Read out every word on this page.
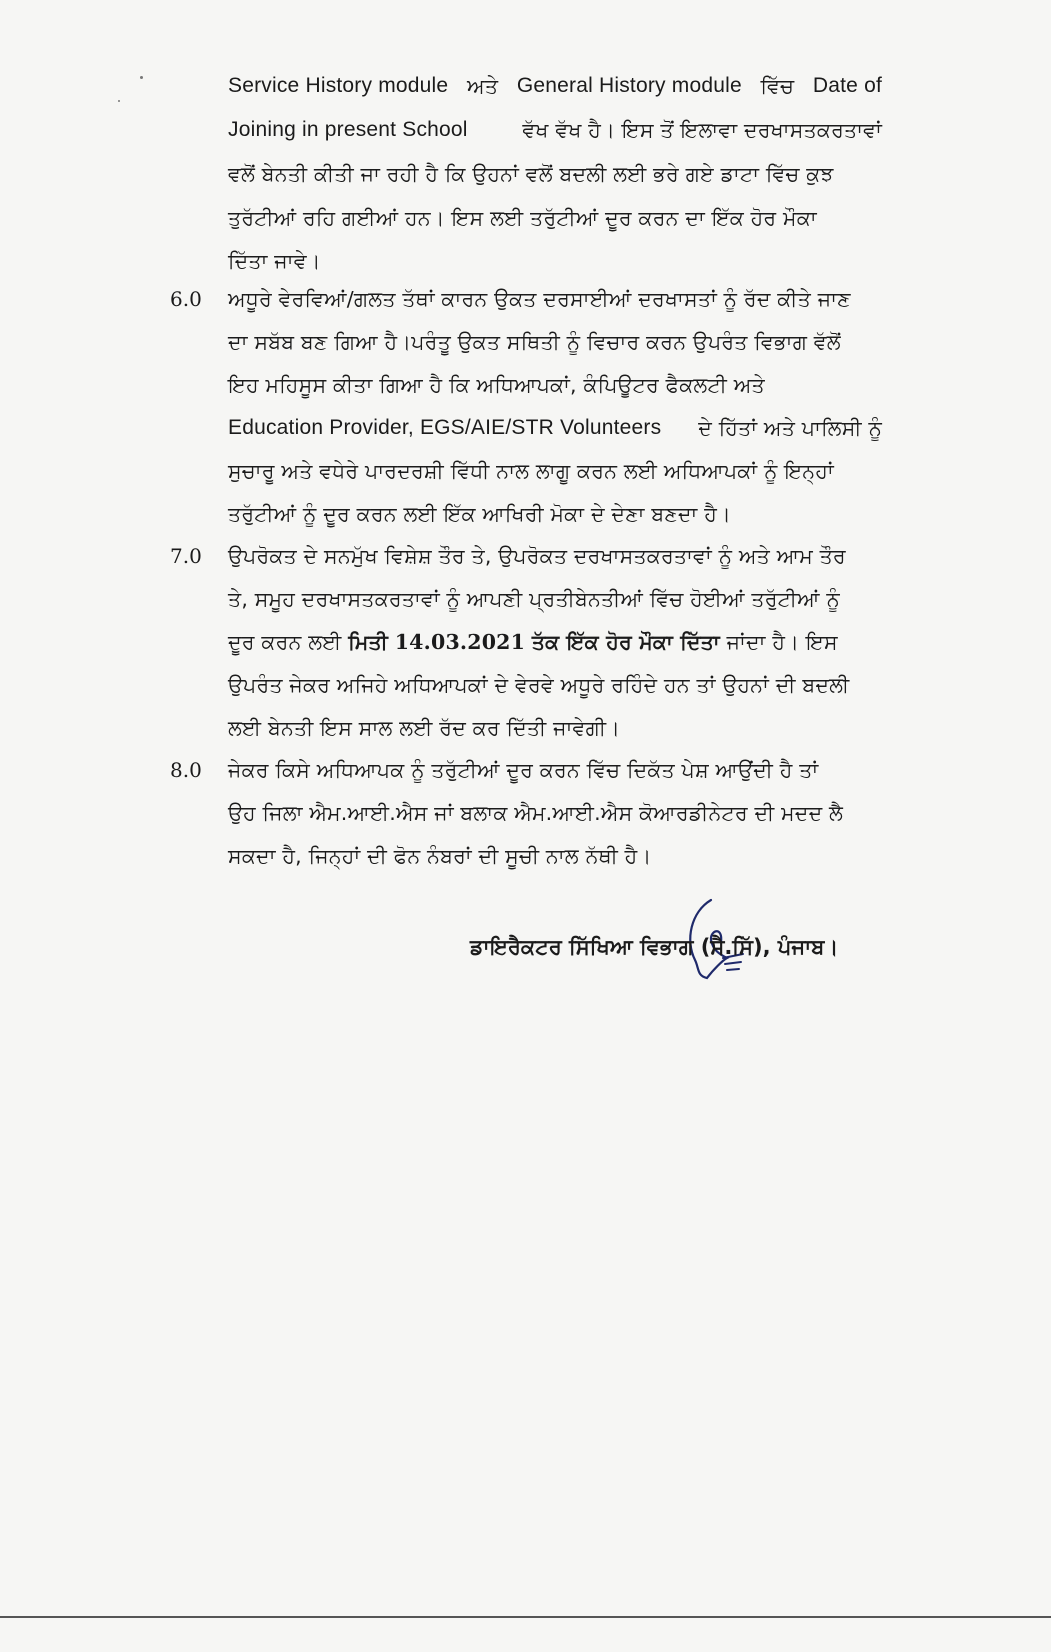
Service History module ਅਤੇ General History module ਵਿੱਚ Date of
Joining in present School	ਵੱਖ ਵੱਖ ਹੈ। ਇਸ ਤੋਂ ਇਲਾਵਾ ਦਰਖਾਸਤਕਰਤਾਵਾਂ
ਵਲੋਂ ਬੇਨਤੀ ਕੀਤੀ ਜਾ ਰਹੀ ਹੈ ਕਿ ਉਹਨਾਂ ਵਲੋਂ ਬਦਲੀ ਲਈ ਭਰੇ ਗਏ ਡਾਟਾ ਵਿੱਚ ਕੁਝ
ਤੁਰੱਟੀਆਂ ਰਹਿ ਗਈਆਂ ਹਨ। ਇਸ ਲਈ ਤਰੁੱਟੀਆਂ ਦੂਰ ਕਰਨ ਦਾ ਇੱਕ ਹੋਰ ਮੌਕਾ
ਦਿੱਤਾ ਜਾਵੇ।
6.0 ਅਧੂਰੇ ਵੇਰਵਿਆਂ/ਗਲਤ ਤੱਥਾਂ ਕਾਰਨ ਉਕਤ ਦਰਸਾਈਆਂ ਦਰਖਾਸਤਾਂ ਨੂੰ ਰੱਦ ਕੀਤੇ ਜਾਣ
ਦਾ ਸਬੱਬ ਬਣ ਗਿਆ ਹੈ।ਪਰੰਤੂ ਉਕਤ ਸਥਿਤੀ ਨੂੰ ਵਿਚਾਰ ਕਰਨ ਉਪਰੰਤ ਵਿਭਾਗ ਵੱਲੋਂ
ਇਹ ਮਹਿਸੂਸ ਕੀਤਾ ਗਿਆ ਹੈ ਕਿ ਅਧਿਆਪਕਾਂ, ਕੰਪਿਊਟਰ ਫੈਕਲਟੀ ਅਤੇ
Education Provider, EGS/AIE/STR Volunteers ਦੇ ਹਿੱਤਾਂ ਅਤੇ ਪਾਲਿਸੀ ਨੂੰ
ਸੁਚਾਰੂ ਅਤੇ ਵਧੇਰੇ ਪਾਰਦਰਸ਼ੀ ਵਿੱਧੀ ਨਾਲ ਲਾਗੂ ਕਰਨ ਲਈ ਅਧਿਆਪਕਾਂ ਨੂੰ ਇਨ੍ਹਾਂ
ਤਰੁੱਟੀਆਂ ਨੂੰ ਦੂਰ ਕਰਨ ਲਈ ਇੱਕ ਆਖਿਰੀ ਮੋਕਾ ਦੇ ਦੇਣਾ ਬਣਦਾ ਹੈ।
7.0 ਉਪਰੋਕਤ ਦੇ ਸਨਮੁੱਖ ਵਿਸ਼ੇਸ਼ ਤੌਰ ਤੇ, ਉਪਰੋਕਤ ਦਰਖਾਸਤਕਰਤਾਵਾਂ ਨੂੰ ਅਤੇ ਆਮ ਤੌਰ
ਤੇ, ਸਮੂਹ ਦਰਖਾਸਤਕਰਤਾਵਾਂ ਨੂੰ ਆਪਣੀ ਪ੍ਰਤੀਬੇਨਤੀਆਂ ਵਿੱਚ ਹੋਈਆਂ ਤਰੁੱਟੀਆਂ ਨੂੰ
ਦੂਰ ਕਰਨ ਲਈ ਮਿਤੀ 14.03.2021 ਤੱਕ ਇੱਕ ਹੋਰ ਮੌਕਾ ਦਿੱਤਾ ਜਾਂਦਾ ਹੈ। ਇਸ
ਉਪਰੰਤ ਜੇਕਰ ਅਜਿਹੇ ਅਧਿਆਪਕਾਂ ਦੇ ਵੇਰਵੇ ਅਧੂਰੇ ਰਹਿੰਦੇ ਹਨ ਤਾਂ ਉਹਨਾਂ ਦੀ ਬਦਲੀ
ਲਈ ਬੇਨਤੀ ਇਸ ਸਾਲ ਲਈ ਰੱਦ ਕਰ ਦਿੱਤੀ ਜਾਵੇਗੀ।
8.0 ਜੇਕਰ ਕਿਸੇ ਅਧਿਆਪਕ ਨੂੰ ਤਰੁੱਟੀਆਂ ਦੂਰ ਕਰਨ ਵਿੱਚ ਦਿਕੱਤ ਪੇਸ਼ ਆਉਂਦੀ ਹੈ ਤਾਂ
ਉਹ ਜਿਲਾ ਐਮ.ਆਈ.ਐਸ ਜਾਂ ਬਲਾਕ ਐਮ.ਆਈ.ਐਸ ਕੋਆਰਡੀਨੇਟਰ ਦੀ ਮਦਦ ਲੈ
ਸਕਦਾ ਹੈ, ਜਿਨ੍ਹਾਂ ਦੀ ਫੋਨ ਨੰਬਰਾਂ ਦੀ ਸੂਚੀ ਨਾਲ ਨੱਥੀ ਹੈ।
ਡਾਇਰੈਕਟਰ ਸਿੱਖਿਆ ਵਿਭਾਗ (ਸੈ.ਸਿੱ), ਪੰਜਾਬ।
